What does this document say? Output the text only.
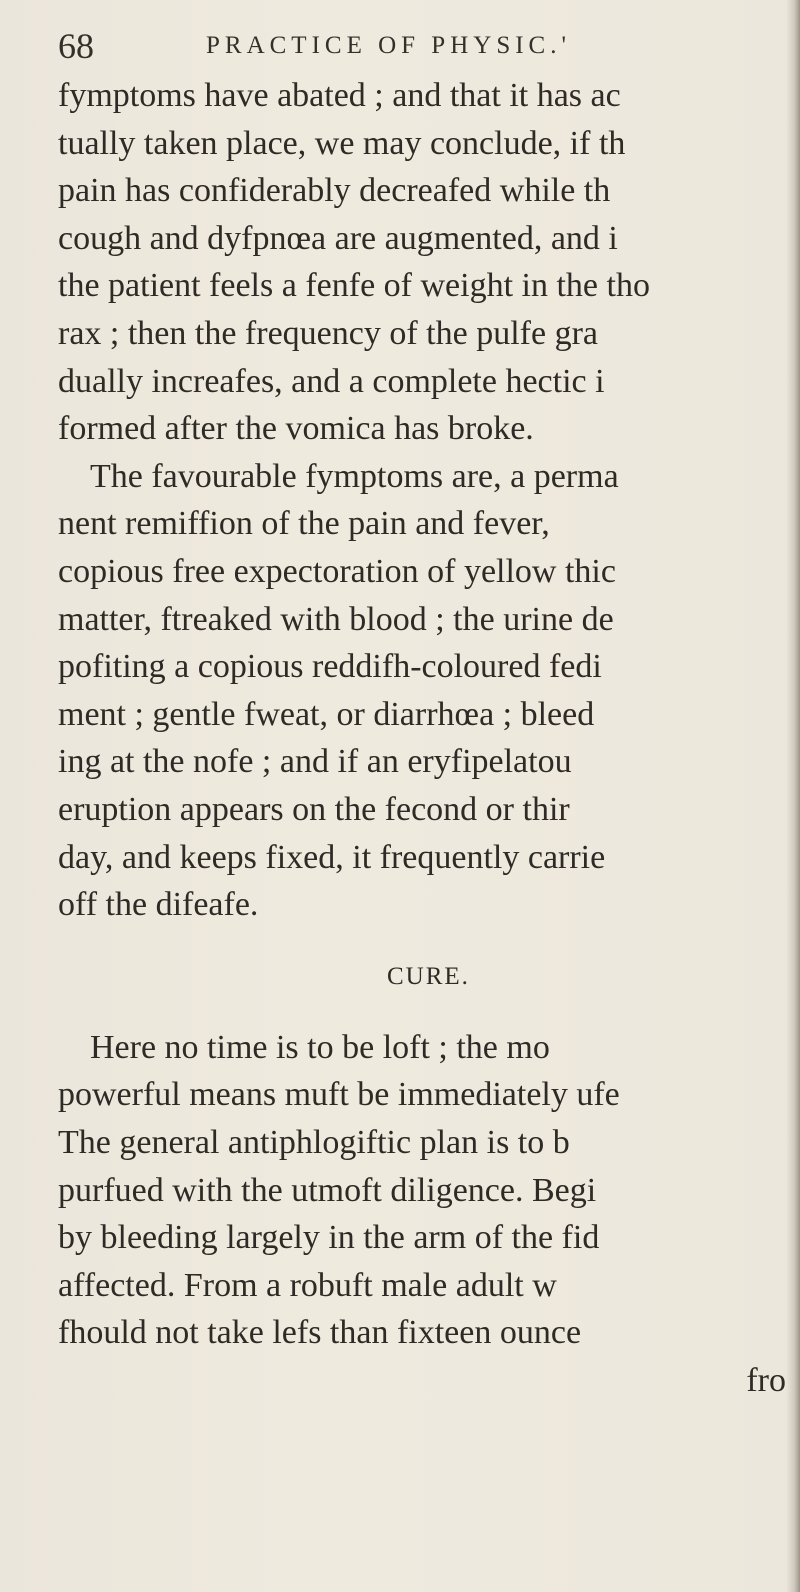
68	PRACTICE OF PHYSIC.'
fymptoms have abated ; and that it has ac
tually taken place, we may conclude, if th
pain has confiderably decreafed while th
cough and dyfpnœa are augmented, and i
the patient feels a fenfe of weight in the tho
rax ; then the frequency of the pulfe gra
dually increafes, and a complete hectic i
formed after the vomica has broke.
The favourable fymptoms are, a perma
nent remiffion of the pain and fever,
copious free expectoration of yellow thic
matter, ftreaked with blood ; the urine de
pofiting a copious reddifh-coloured fedi
ment ; gentle fweat, or diarrhœa ; bleed
ing at the nofe ; and if an eryfipelatou
eruption appears on the fecond or thir
day, and keeps fixed, it frequently carrie
off the difeafe.
CURE.
Here no time is to be loft ; the mo
powerful means muft be immediately ufe
The general antiphlogiftic plan is to b
purfued with the utmoft diligence. Begi
by bleeding largely in the arm of the fid
affected. From a robuft male adult w
fhould not take lefs than fixteen ounce
fro
